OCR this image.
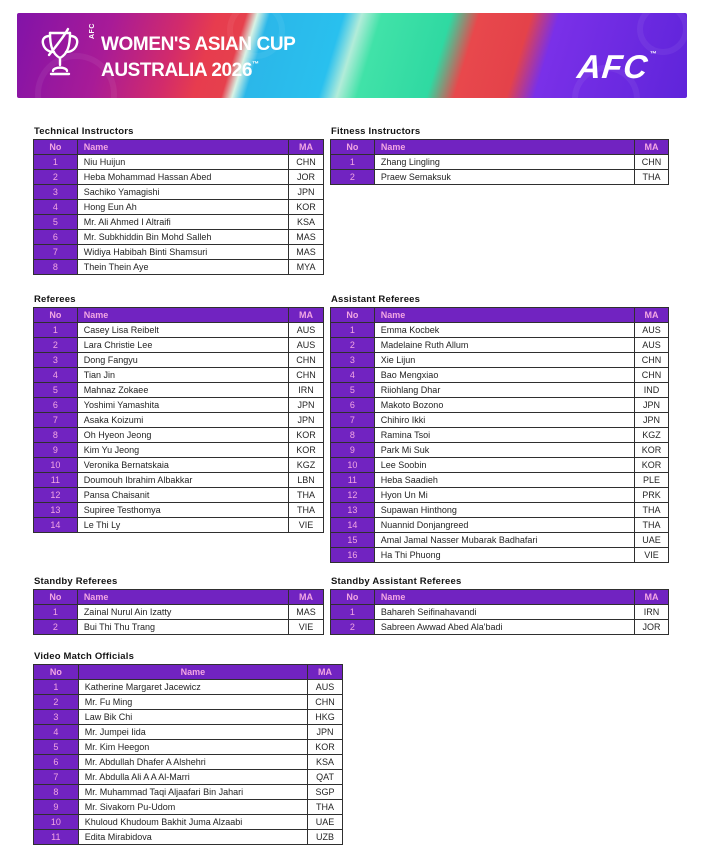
AFC
WOMEN'S ASIAN CUP
AUSTRALIA 2026™	AFC™
Technical Instructors
No	Name	MA
1	Niu Huijun	CHN
2	Heba Mohammad Hassan Abed	JOR
3	Sachiko Yamagishi	JPN
4	Hong Eun Ah	KOR
5	Mr. Ali Ahmed I Altraifi	KSA
6	Mr. Subkhiddin Bin Mohd Salleh	MAS
7	Widiya Habibah Binti Shamsuri	MAS
8	Thein Thein Aye	MYA
Fitness Instructors
No	Name	MA
1	Zhang Lingling	CHN
2	Praew Semaksuk	THA
Referees
No	Name	MA
1	Casey Lisa Reibelt	AUS
2	Lara Christie Lee	AUS
3	Dong Fangyu	CHN
4	Tian Jin	CHN
5	Mahnaz Zokaee	IRN
6	Yoshimi Yamashita	JPN
7	Asaka Koizumi	JPN
8	Oh Hyeon Jeong	KOR
9	Kim Yu Jeong	KOR
10	Veronika Bernatskaia	KGZ
11	Doumouh Ibrahim Albakkar	LBN
12	Pansa Chaisanit	THA
13	Supiree Testhomya	THA
14	Le Thi Ly	VIE
Assistant Referees
No	Name	MA
1	Emma Kocbek	AUS
2	Madelaine Ruth Allum	AUS
3	Xie Lijun	CHN
4	Bao Mengxiao	CHN
5	Riiohlang Dhar	IND
6	Makoto Bozono	JPN
7	Chihiro Ikki	JPN
8	Ramina Tsoi	KGZ
9	Park Mi Suk	KOR
10	Lee Soobin	KOR
11	Heba Saadieh	PLE
12	Hyon Un Mi	PRK
13	Supawan Hinthong	THA
14	Nuannid Donjangreed	THA
15	Amal Jamal Nasser Mubarak Badhafari	UAE
16	Ha Thi Phuong	VIE
Standby Referees
No	Name	MA
1	Zainal Nurul Ain Izatty	MAS
2	Bui Thi Thu Trang	VIE
Standby Assistant Referees
No	Name	MA
1	Bahareh Seifinahavandi	IRN
2	Sabreen Awwad Abed Ala'badi	JOR
Video Match Officials
No	Name	MA
1	Katherine Margaret Jacewicz	AUS
2	Mr. Fu Ming	CHN
3	Law Bik Chi	HKG
4	Mr. Jumpei Iida	JPN
5	Mr. Kim Heegon	KOR
6	Mr. Abdullah Dhafer A Alshehri	KSA
7	Mr. Abdulla Ali A A Al-Marri	QAT
8	Mr. Muhammad Taqi Aljaafari Bin Jahari	SGP
9	Mr. Sivakorn Pu-Udom	THA
10	Khuloud Khudoum Bakhit Juma Alzaabi	UAE
11	Edita Mirabidova	UZB
